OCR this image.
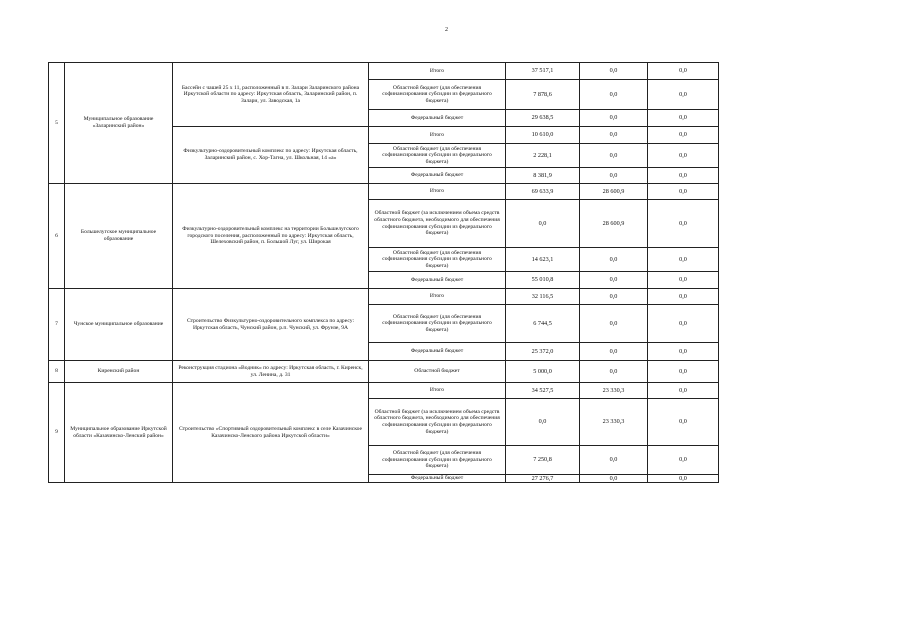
2
5	Муниципальное образование «Заларинский район»	Бассейн с чашей 25 х 11, расположенный в п. Залари Заларинского района Иркутской области по адресу: Иркутская область, Заларинский район, п. Залари, ул. Заводская, 1а	Итого	37 517,1	0,0	0,0
			Областной бюджет (для обеспечения софинансирования субсидии из федерального бюджета)	7 878,6	0,0	0,0
			Федеральный бюджет	29 638,5	0,0	0,0
		Физкультурно-оздоровительный комплекс по адресу: Иркутская область, Заларинский район, с. Хор-Тагна, ул. Школьная, 14 «а»	Итого	10 610,0	0,0	0,0
			Областной бюджет (для обеспечения софинансирования субсидии из федерального бюджета)	2 228,1	0,0	0,0
			Федеральный бюджет	8 381,9	0,0	0,0
6	Большелугское муниципальное образование	Физкультурно-оздоровительный комплекс на территории Большелугского городского поселения, расположенный по адресу: Иркутская область, Шелеховский район, п. Большой Луг, ул. Широкая	Итого	69 633,9	28 600,9	0,0
			Областной бюджет (за исключением объема средств областного бюджета, необходимого для обеспечения софинансирования субсидии из федерального бюджета)	0,0	28 600,9	0,0
			Областной бюджет (для обеспечения софинансирования субсидии из федерального бюджета)	14 623,1	0,0	0,0
			Федеральный бюджет	55 010,8	0,0	0,0
7	Чунское муниципальное образование	Строительство Физкультурно-оздоровительного комплекса по адресу: Иркутская область, Чунский район, р.п. Чунский, ул. Фрунзе, 9А	Итого	32 116,5	0,0	0,0
			Областной бюджет (для обеспечения софинансирования субсидии из федерального бюджета)	6 744,5	0,0	0,0
			Федеральный бюджет	25 372,0	0,0	0,0
8	Киренский район	Реконструкция стадиона «Водник» по адресу: Иркутская область, г. Киренск, ул. Ленина, д. 31	Областной бюджет	5 000,0	0,0	0,0
9	Муниципальное образование Иркутской области «Казачинско-Ленский район»	Строительство «Спортивный оздоровительный комплекс в селе Казачинское Казачинско-Ленского района Иркутской области»	Итого	34 527,5	23 330,3	0,0
			Областной бюджет (за исключением объема средств областного бюджета, необходимого для обеспечения софинансирования субсидии из федерального бюджета)	0,0	23 330,3	0,0
			Областной бюджет (для обеспечения софинансирования субсидии из федерального бюджета)	7 250,8	0,0	0,0
			Федеральный бюджет	27 276,7	0,0	0,0
